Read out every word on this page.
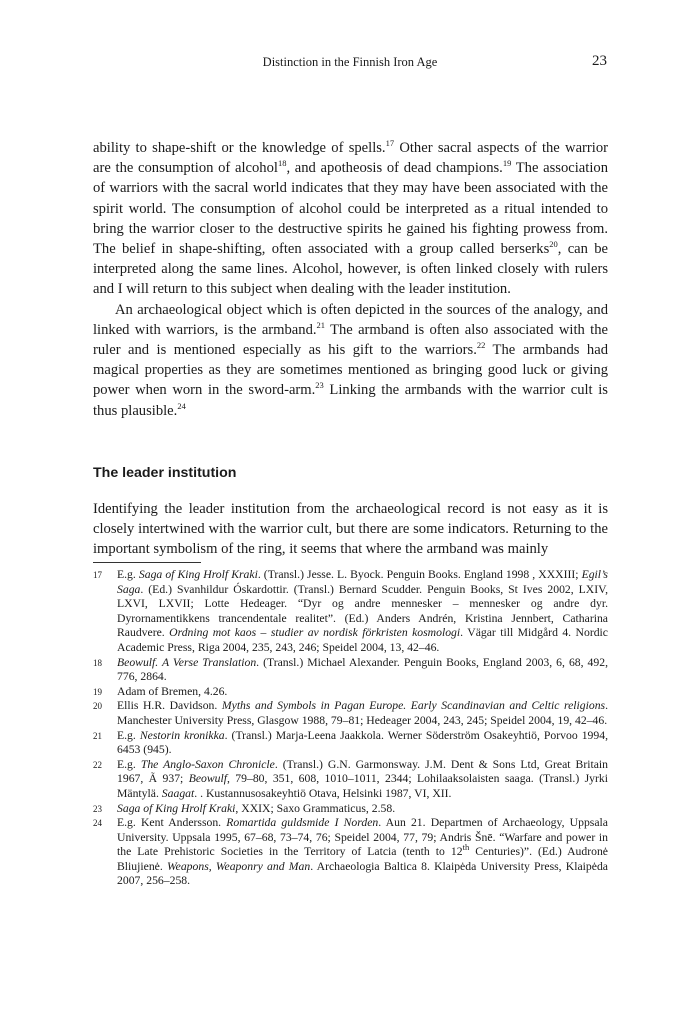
Distinction in the Finnish Iron Age	23

ability to shape-shift or the knowledge of spells.$^{17}$ Other sacral aspects of the warrior are the consumption of alcohol$^{18}$, and apotheosis of dead champions.$^{19}$ The association of warriors with the sacral world indicates that they may have been associated with the spirit world. The consumption of alcohol could be interpreted as a ritual intended to bring the warrior closer to the destructive spirits he gained his fighting prowess from. The belief in shape-shifting, often associated with a group called berserks$^{20}$, can be interpreted along the same lines. Alcohol, however, is often linked closely with rulers and I will return to this subject when dealing with the leader institution.

An archaeological object which is often depicted in the sources of the analogy, and linked with warriors, is the armband.$^{21}$ The armband is often also associated with the ruler and is mentioned especially as his gift to the warriors.$^{22}$ The armbands had magical properties as they are sometimes mentioned as bringing good luck or giving power when worn in the sword-arm.$^{23}$ Linking the armbands with the warrior cult is thus plausible.$^{24}$

The leader institution

Identifying the leader institution from the archaeological record is not easy as it is closely intertwined with the warrior cult, but there are some indicators. Returning to the important symbolism of the ring, it seems that where the armband was mainly

17	E.g. Saga of King Hrolf Kraki. (Transl.) Jesse. L. Byock. Penguin Books. England 1998 , XXXIII; Egil’s Saga. (Ed.) Svanhildur Óskardottir. (Transl.) Bernard Scudder. Penguin Books, St Ives 2002, LXIV, LXVI, LXVII; Lotte Hedeager. “Dyr og andre mennesker – mennesker og andre dyr. Dyrornamentikkens trancendentale realitet”. (Ed.) Anders Andrén, Kristina Jennbert, Catharina Raudvere. Ordning mot kaos – studier av nordisk förkristen kosmologi. Vägar till Midgård 4. Nordic Academic Press, Riga 2004, 235, 243, 246; Speidel 2004, 13, 42–46.
18	Beowulf. A Verse Translation. (Transl.) Michael Alexander. Penguin Books, England 2003, 6, 68, 492, 776, 2864.
19	Adam of Bremen, 4.26.
20	Ellis H.R. Davidson. Myths and Symbols in Pagan Europe. Early Scandinavian and Celtic religions. Manchester University Press, Glasgow 1988, 79–81; Hedeager 2004, 243, 245; Speidel 2004, 19, 42–46.
21	E.g. Nestorin kronikka. (Transl.) Marja-Leena Jaakkola. Werner Söderström Osakeyhtiö, Porvoo 1994, 6453 (945).
22	E.g. The Anglo-Saxon Chronicle. (Transl.) G.N. Garmonsway. J.M. Dent & Sons Ltd, Great Britain 1967, Ã 937; Beowulf, 79–80, 351, 608, 1010–1011, 2344; Lohilaaksolaisten saaga. (Transl.) Jyrki Mäntylä. Saagat. . Kustannusosakeyhtiö Otava, Helsinki 1987, VI, XII.
23	Saga of King Hrolf Kraki, XXIX; Saxo Grammaticus, 2.58.
24	E.g. Kent Andersson. Romartida guldsmide I Norden. Aun 21. Departmen of Archaeology, Uppsala University. Uppsala 1995, 67–68, 73–74, 76; Speidel 2004, 77, 79; Andris Šnē. “Warfare and power in the Late Prehistoric Societies in the Territory of Latcia (tenth to 12th Centuries)”. (Ed.) Audronė Bliujienė. Weapons, Weaponry and Man. Archaeologia Baltica 8. Klaipėda University Press, Klaipėda 2007, 256–258.
